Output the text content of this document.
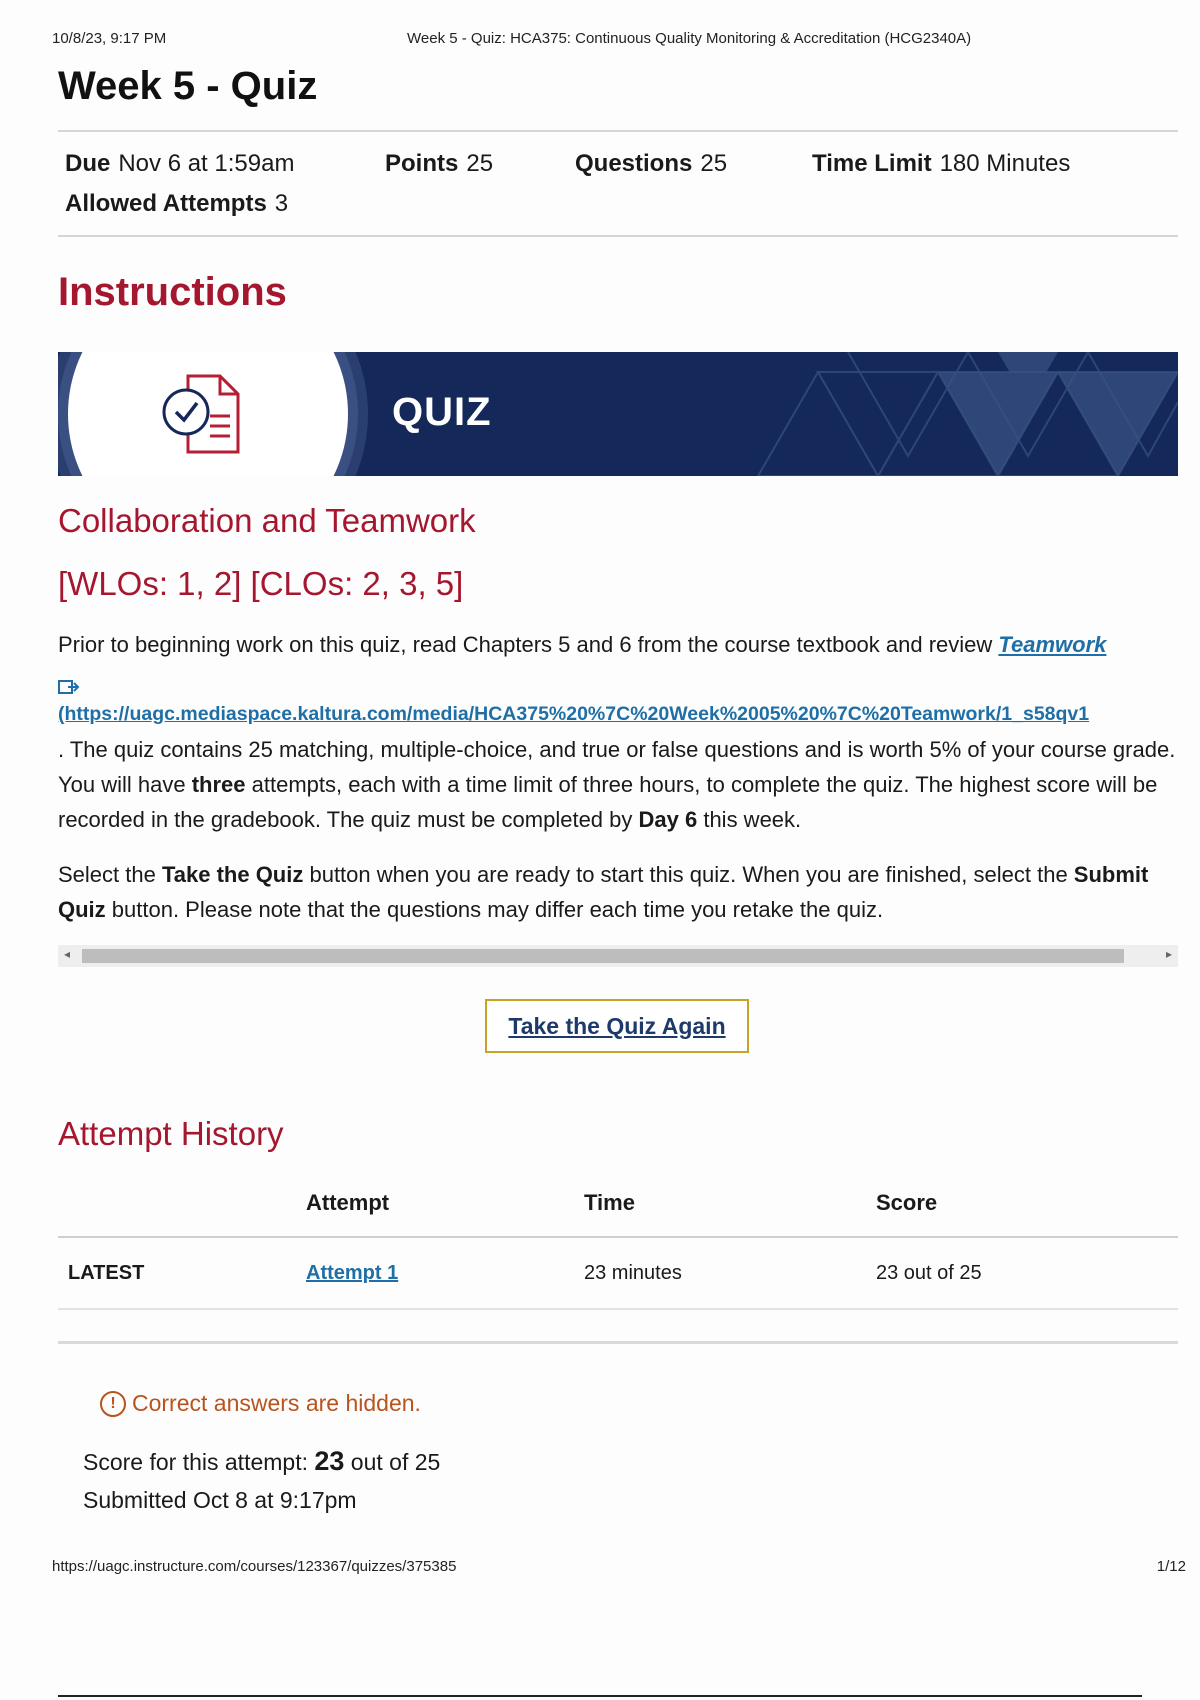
10/8/23, 9:17 PM	Week 5 - Quiz: HCA375: Continuous Quality Monitoring & Accreditation (HCG2340A)
Week 5 - Quiz
Due Nov 6 at 1:59am	Points 25	Questions 25	Time Limit 180 Minutes
Allowed Attempts 3
Instructions
QUIZ
Collaboration and Teamwork
[WLOs: 1, 2] [CLOs: 2, 3, 5]

Prior to beginning work on this quiz, read Chapters 5 and 6 from the course textbook and review Teamwork

(https://uagc.mediaspace.kaltura.com/media/HCA375%20%7C%20Week%2005%20%7C%20Teamwork/1_s58qv1
. The quiz contains 25 matching, multiple-choice, and true or false questions and is worth 5% of your course grade. You will have three attempts, each with a time limit of three hours, to complete the quiz. The highest score will be recorded in the gradebook. The quiz must be completed by Day 6 this week.

Select the Take the Quiz button when you are ready to start this quiz. When you are finished, select the Submit Quiz button. Please note that the questions may differ each time you retake the quiz.

◂	▸
Take the Quiz Again
Attempt History
	Attempt	Time	Score
LATEST	Attempt 1	23 minutes	23 out of 25
! Correct answers are hidden.
Score for this attempt: 23 out of 25
Submitted Oct 8 at 9:17pm
https://uagc.instructure.com/courses/123367/quizzes/375385	1/12
